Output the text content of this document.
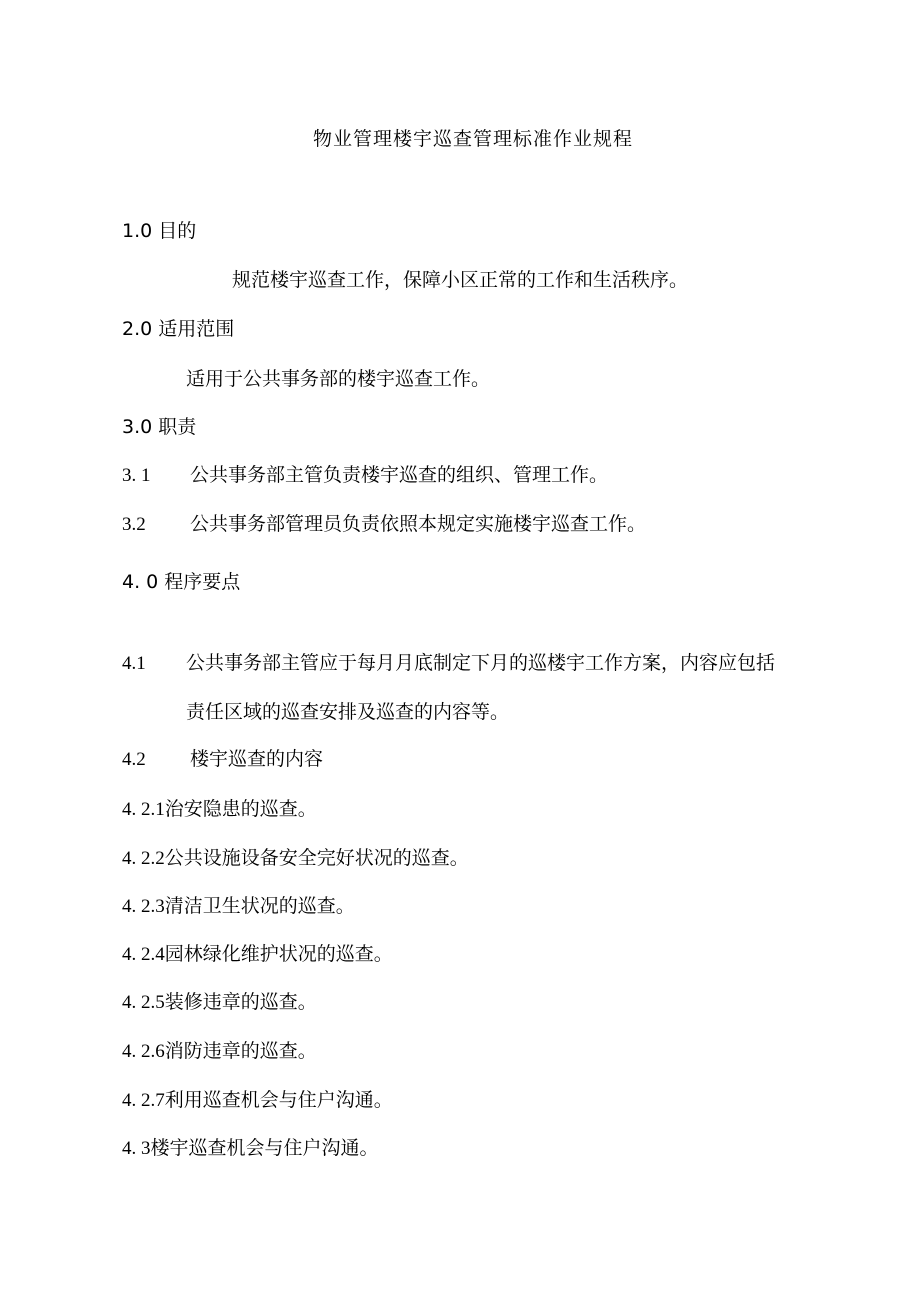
物业管理楼宇巡查管理标准作业规程
1.0 目的
规范楼宇巡查工作，保障小区正常的工作和生活秩序。
2.0 适用范围
适用于公共事务部的楼宇巡查工作。
3.0 职责
3. 1 公共事务部主管负责楼宇巡查的组织、管理工作。
3.2 公共事务部管理员负责依照本规定实施楼宇巡查工作。
4. 0 程序要点
4.1 公共事务部主管应于每月月底制定下月的巡楼宇工作方案，内容应包括
责任区域的巡查安排及巡查的内容等。
4.2 楼宇巡查的内容
4. 2.1治安隐患的巡查。
4. 2.2公共设施设备安全完好状况的巡查。
4. 2.3清洁卫生状况的巡查。
4. 2.4园林绿化维护状况的巡查。
4. 2.5装修违章的巡查。
4. 2.6消防违章的巡查。
4. 2.7利用巡查机会与住户沟通。
4. 3楼宇巡查机会与住户沟通。
